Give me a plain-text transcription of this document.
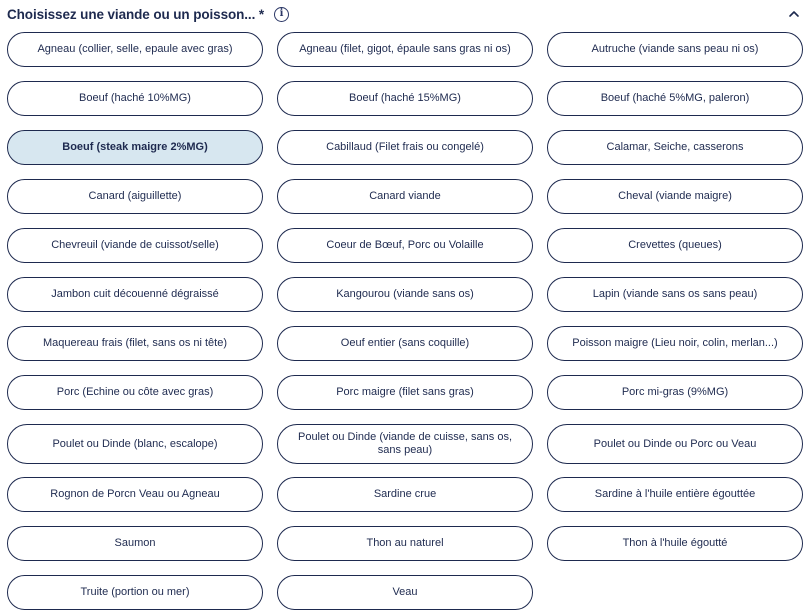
Choisissez une viande ou un poisson... *	i
Agneau (collier, selle, epaule avec gras)	Agneau (filet, gigot, épaule sans gras ni os)	Autruche (viande sans peau ni os)
Boeuf (haché 10%MG)	Boeuf (haché 15%MG)	Boeuf (haché 5%MG, paleron)
Boeuf (steak maigre 2%MG)	Cabillaud (Filet frais ou congelé)	Calamar, Seiche, casserons
Canard (aiguillette)	Canard viande	Cheval (viande maigre)
Chevreuil (viande de cuissot/selle)	Coeur de Bœuf, Porc ou Volaille	Crevettes (queues)
Jambon cuit découenné dégraissé	Kangourou (viande sans os)	Lapin (viande sans os sans peau)
Maquereau frais (filet, sans os ni tête)	Oeuf entier (sans coquille)	Poisson maigre (Lieu noir, colin, merlan...)
Porc (Echine ou côte avec gras)	Porc maigre (filet sans gras)	Porc mi-gras (9%MG)
Poulet ou Dinde (blanc, escalope)
Poulet ou Dinde (viande de cuisse, sans os, sans peau)
Poulet ou Dinde ou Porc ou Veau
Rognon de Porcn Veau ou Agneau	Sardine crue	Sardine à l'huile entière égouttée
Saumon	Thon au naturel	Thon à l'huile égoutté
Truite (portion ou mer)	Veau
